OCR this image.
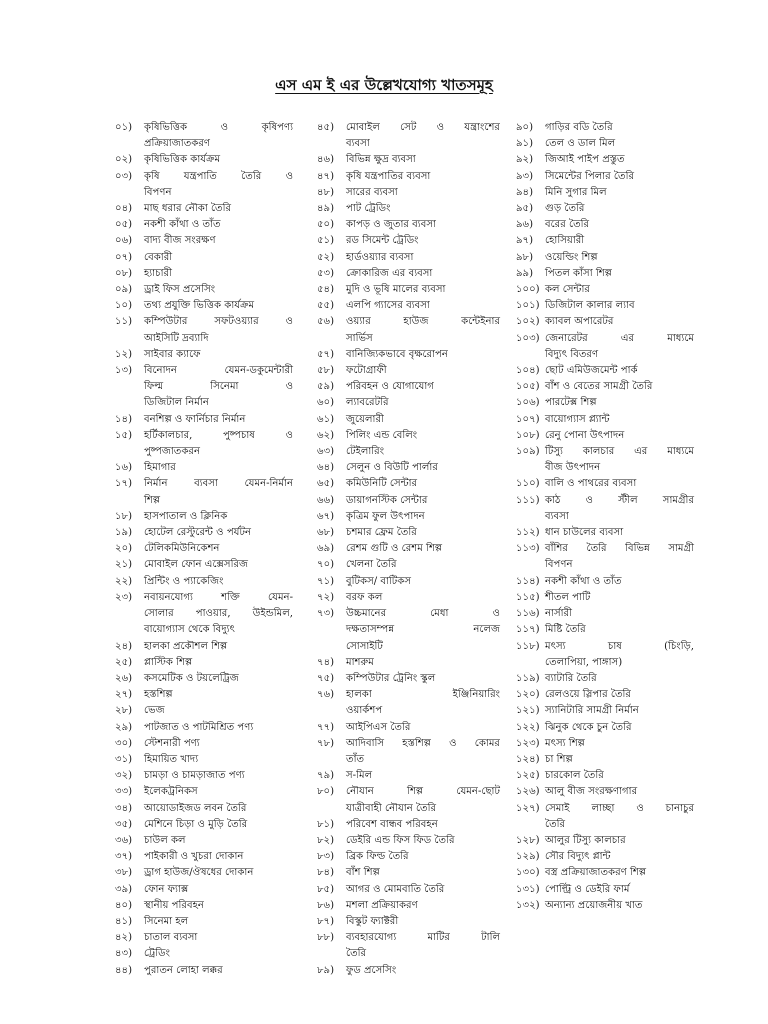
এস এম ই এর উল্লেখযোগ্য খাতসমূহ
০১)	কৃষিভিত্তিক ও কৃষিপণ্য
প্রক্রিয়াজাতকরণ
০২)	কৃষিভিত্তিক কার্যক্রম
০৩)	কৃষি যন্ত্রপাতি তৈরি ও
বিপণন
০৪)	মাছ ধরার নৌকা তৈরি
০৫)	নকশী কাঁথা ও তাঁত
০৬)	বাদ্য বীজ সংরক্ষণ
০৭)	বেকারী
০৮)	হ্যাচারী
০৯)	ড্রাই ফিস প্রসেসিং
১০)	তথ্য প্রযুক্তি ভিত্তিক কার্যক্রম
১১)	কম্পিউটার সফটওয়্যার ও
আইসিটি দ্রব্যাদি
১২)	সাইবার ক্যাফে
১৩)	বিনোদন যেমন-ডকুমেন্টারী
ফিল্ম সিনেমা ও
ডিজিটাল নির্মান
১৪)	বনশিল্প ও ফার্নিচার নির্মান
১৫)	হর্টিকালচার, পুষ্পচাষ ও
পুষ্পজাতকরন
১৬)	হিমাগার
১৭)	নির্মান ব্যবসা যেমন-নির্মান
শিল্প
১৮)	হাসপাতাল ও ক্লিনিক
১৯)	হোটেল রেস্টুরেন্ট ও পর্যটন
২০)	টেলিকমিউনিকেশন
২১)	মোবাইল ফোন এক্সেসরিজ
২২)	প্রিন্টিং ও প্যাকেজিং
২৩)	নবায়নযোগ্য শক্তি যেমন-
সোলার পাওয়ার, উইন্ডমিল,
বায়োগ্যাস থেকে বিদ্যুৎ
২৪)	হালকা প্রকৌশল শিল্প
২৫)	প্লাস্টিক শিল্প
২৬)	কসমেটিক ও টয়লেট্রিজ
২৭)	হস্তশিল্প
২৮)	ভেজ
২৯)	পাটজাত ও পাটমিশ্রিত পণ্য
৩০)	স্টেশনারী পণ্য
৩১)	হিমায়িত খাদ্য
৩২)	চামড়া ও চামড়াজাত পণ্য
৩৩)	ইলেকট্রনিকস
৩৪)	আয়োডাইজড লবন তৈরি
৩৫)	মেশিনে চিড়া ও মুড়ি তৈরি
৩৬)	চাউল কল
৩৭)	পাইকারী ও খুচরা দোকান
৩৮)	ড্রাগ হাউজ/ঔষধের দোকান
৩৯)	ফোন ফ্যাক্স
৪০)	স্থানীয় পরিবহন
৪১)	সিনেমা হল
৪২)	চাতাল ব্যবসা
৪৩)	ট্রেডিং
৪৪)	পুরাতন লোহা লক্কর
৪৫)	মোবাইল সেট ও যন্ত্রাংশের
ব্যবসা
৪৬)	বিভিন্ন ক্ষুদ্র ব্যবসা
৪৭)	কৃষি যন্ত্রপাতির ব্যবসা
৪৮)	সারের ব্যবসা
৪৯)	পাট ট্রেডিং
৫০)	কাপড় ও জুতার ব্যবসা
৫১)	রড সিমেন্ট ট্রেডিং
৫২)	হার্ডওয়্যার ব্যবসা
৫৩)	ক্রোকারিজ এর ব্যবসা
৫৪)	মুদি ও ভূষি মালের ব্যবসা
৫৫)	এলপি গ্যাসের ব্যবসা
৫৬)	ওয়্যার হাউজ কন্টেইনার
সার্ভিস
৫৭)	বানিজ্যিকভাবে বৃক্ষরোপন
৫৮)	ফটোগ্রাফী
৫৯)	পরিবহন ও যোগাযোগ
৬০)	ল্যাবরেটরি
৬১)	জুয়েলারী
৬২)	পিলিং এন্ড বেলিং
৬৩)	টেইলারিং
৬৪)	সেলুন ও বিউটি পার্লার
৬৫)	কমিউনিটি সেন্টার
৬৬)	ডায়াগনস্টিক সেন্টার
৬৭)	কৃত্রিম ফুল উৎপাদন
৬৮)	চশমার ফ্রেম তৈরি
৬৯)	রেশম গুটি ও রেশম শিল্প
৭০)	খেলনা তৈরি
৭১)	বুটিকস/ বাটিকস
৭২)	বরফ কল
৭৩)	উচ্চমানের মেধা ও
দক্ষতাসম্পন্ন নলেজ
সোসাইটি
৭৪)	মাশরুম
৭৫)	কম্পিউটার ট্রেনিং স্কুল
৭৬)	হালকা ইঞ্জিনিয়ারিং
ওয়ার্কশপ
৭৭)	আইপিএস তৈরি
৭৮)	আদিবাসি হস্তশিল্প ও কোমর
তাঁত
৭৯)	স-মিল
৮০)	নৌযান শিল্প যেমন-ছোট
যাত্রীবাহী নৌযান তৈরি
৮১)	পরিবেশ বান্ধব পরিবহন
৮২)	ডেইরি এন্ড ফিস ফিড তৈরি
৮৩)	ব্রিক ফিল্ড তৈরি
৮৪)	বাঁশ শিল্প
৮৫)	আগর ও মোমবাতি তৈরি
৮৬)	মশলা প্রক্রিয়াকরণ
৮৭)	বিস্কুট ফ্যাক্টরী
৮৮)	ব্যবহারযোগ্য মাটির টালি
তৈরি
৮৯)	ফুড প্রসেসিং
৯০)	গাড়ির বডি তৈরি
৯১)	তেল ও ডাল মিল
৯২)	জিআই পাইপ প্রস্তুত
৯৩)	সিমেন্টের পিলার তৈরি
৯৪)	মিনি সুগার মিল
৯৫)	গুড় তৈরি
৯৬)	বরের তৈরি
৯৭)	হোসিয়ারী
৯৮)	ওয়েল্ডিং শিল্প
৯৯)	পিতল কাঁসা শিল্প
১০০) কল সেন্টার
১০১) ডিজিটাল কালার ল্যাব
১০২) ক্যাবল অপারেটর
১০৩) জেনারেটর এর মাধ্যমে
বিদ্যুৎ বিতরণ
১০৪) ছোট এমিউজমেন্ট পার্ক
১০৫) বাঁশ ও বেতের সামগ্রী তৈরি
১০৬) পারটেক্স শিল্প
১০৭) বায়োগ্যাস প্ল্যান্ট
১০৮) রেনু পোনা উৎপাদন
১০৯) টিস্যু কালচার এর মাধ্যমে
বীজ উৎপাদন
১১০) বালি ও পাথরের ব্যবসা
১১১) কাঠ ও স্টীল সামগ্রীর
ব্যবসা
১১২) ধান চাউলের ব্যবসা
১১৩) বাঁশির তৈরি বিভিন্ন সামগ্রী
বিপণন
১১৪) নকশী কাঁথা ও তাঁত
১১৫) শীতল পাটি
১১৬) নার্সারী
১১৭) মিষ্টি তৈরি
১১৮) মৎস্য চাষ (চিংড়ি,
তেলাপিয়া, পাঙ্গাস)
১১৯) ব্যাটারি তৈরি
১২০) রেলওয়ে স্লিপার তৈরি
১২১) স্যানিটারি সামগ্রী নির্মান
১২২) ঝিনুক থেকে চুন তৈরি
১২৩) মৎস্য শিল্প
১২৪) চা শিল্প
১২৫) চারকোল তৈরি
১২৬) আলু বীজ সংরক্ষণাগার
১২৭) সেমাই লাচ্ছা ও চানাচুর
তৈরি
১২৮) আলুর টিস্যু কালচার
১২৯) সৌর বিদ্যুৎ প্লান্ট
১৩০) বস্ত্র প্রক্রিয়াজাতকরণ শিল্প
১৩১) পোল্ট্রি ও ডেইরি ফার্ম
১৩২) অন্যান্য প্রয়োজনীয় খাত
